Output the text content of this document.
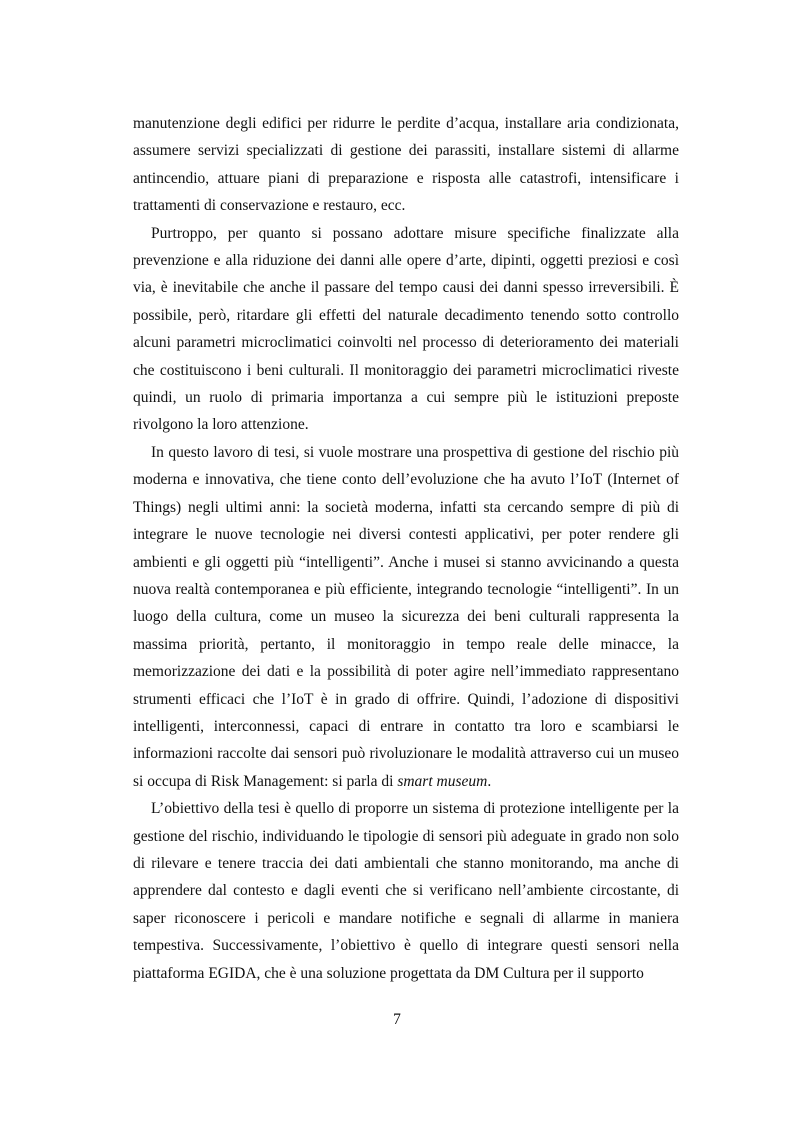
manutenzione degli edifici per ridurre le perdite d’acqua, installare aria condizionata, assumere servizi specializzati di gestione dei parassiti, installare sistemi di allarme antincendio, attuare piani di preparazione e risposta alle catastrofi, intensificare i trattamenti di conservazione e restauro, ecc.

Purtroppo, per quanto si possano adottare misure specifiche finalizzate alla prevenzione e alla riduzione dei danni alle opere d’arte, dipinti, oggetti preziosi e così via, è inevitabile che anche il passare del tempo causi dei danni spesso irreversibili. È possibile, però, ritardare gli effetti del naturale decadimento tenendo sotto controllo alcuni parametri microclimatici coinvolti nel processo di deterioramento dei materiali che costituiscono i beni culturali. Il monitoraggio dei parametri microclimatici riveste quindi, un ruolo di primaria importanza a cui sempre più le istituzioni preposte rivolgono la loro attenzione.

In questo lavoro di tesi, si vuole mostrare una prospettiva di gestione del rischio più moderna e innovativa, che tiene conto dell’evoluzione che ha avuto l’IoT (Internet of Things) negli ultimi anni: la società moderna, infatti sta cercando sempre di più di integrare le nuove tecnologie nei diversi contesti applicativi, per poter rendere gli ambienti e gli oggetti più “intelligenti”. Anche i musei si stanno avvicinando a questa nuova realtà contemporanea e più efficiente, integrando tecnologie “intelligenti”. In un luogo della cultura, come un museo la sicurezza dei beni culturali rappresenta la massima priorità, pertanto, il monitoraggio in tempo reale delle minacce, la memorizzazione dei dati e la possibilità di poter agire nell’immediato rappresentano strumenti efficaci che l’IoT è in grado di offrire. Quindi, l’adozione di dispositivi intelligenti, interconnessi, capaci di entrare in contatto tra loro e scambiarsi le informazioni raccolte dai sensori può rivoluzionare le modalità attraverso cui un museo si occupa di Risk Management: si parla di smart museum.

L’obiettivo della tesi è quello di proporre un sistema di protezione intelligente per la gestione del rischio, individuando le tipologie di sensori più adeguate in grado non solo di rilevare e tenere traccia dei dati ambientali che stanno monitorando, ma anche di apprendere dal contesto e dagli eventi che si verificano nell’ambiente circostante, di saper riconoscere i pericoli e mandare notifiche e segnali di allarme in maniera tempestiva. Successivamente, l’obiettivo è quello di integrare questi sensori nella piattaforma EGIDA, che è una soluzione progettata da DM Cultura per il supporto

7
